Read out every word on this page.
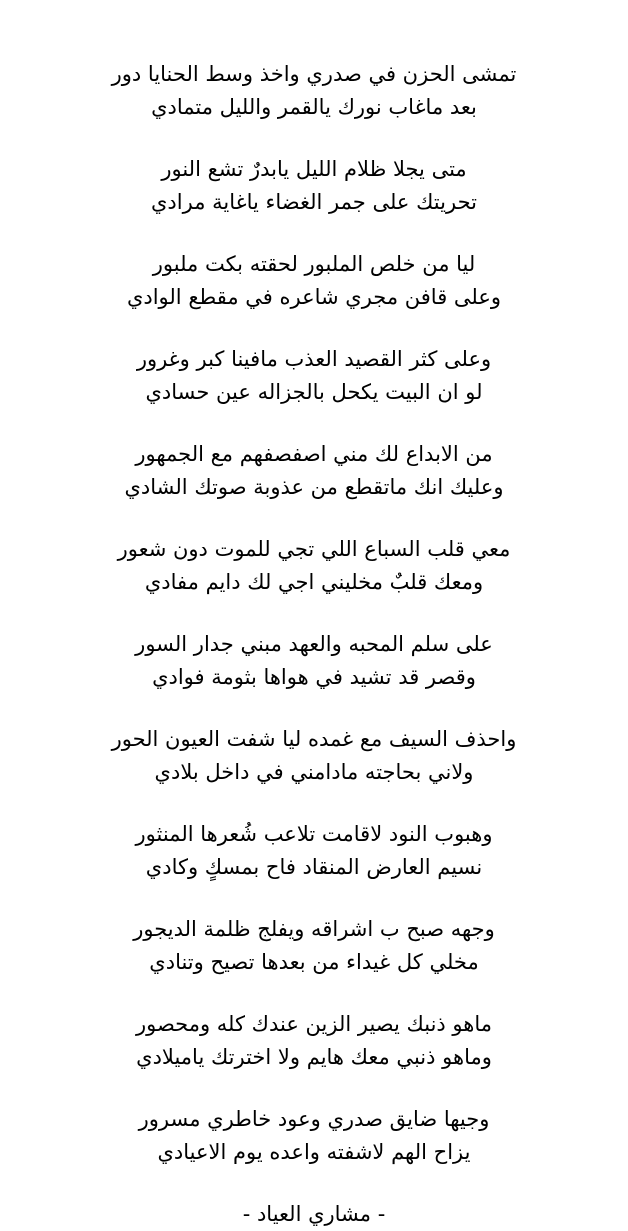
تمشى الحزن في صدري واخذ وسط الحنايا دور
بعد ماغاب نورك يالقمر والليل متمادي
متى يجلا ظلام الليل يابدرٌ تشع النور
تحريتك على جمر الغضاء ياغاية مرادي
ليا من خلص الملبور لحقته بكت ملبور
وعلى قافن مجري شاعره في مقطع الوادي
وعلى كثر القصيد العذب مافينا كبر وغرور
لو ان البيت يكحل بالجزاله عين حسادي
من الابداع لك مني اصفصفهم مع الجمهور
وعليك انك ماتقطع من عذوبة صوتك الشادي
معي قلب السباع اللي تجي للموت دون شعور
ومعك قلبٌ مخليني اجي لك دايم مفادي
على سلم المحبه والعهد مبني جدار السور
وقصر قد تشيد في هواها بثومة فوادي
واحذف السيف مع غمده ليا شفت العيون الحور
ولاني بحاجته مادامني في داخل بلادي
وهبوب النود لاقامت تلاعب شُعرها المنثور
نسيم العارض المنقاد فاح بمسكٍ وكادي
وجهه صبح ب اشراقه ويفلج ظلمة الديجور
مخلي كل غيداء من بعدها تصيح وتنادي
ماهو ذنبك يصير الزين عندك كله ومحصور
وماهو ذنبي معك هايم ولا اخترتك ياميلادي
وجيها ضايق صدري وعود خاطري مسرور
يزاح الهم لاشفته واعده يوم الاعيادي
- مشاري العياد -
